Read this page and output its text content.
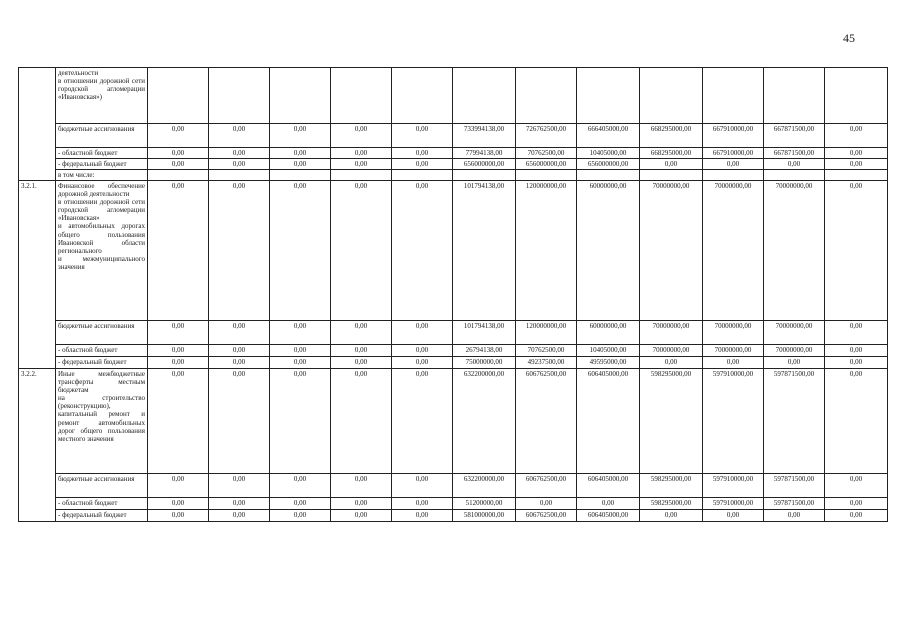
45
	деятельности
в отношении дорожной сети городской агломерации «Ивановская»)												
	бюджетные ассигнования	0,00	0,00	0,00	0,00	0,00	733994138,00	726762500,00	666405000,00	668295000,00	667910000,00	667871500,00	0,00
	- областной бюджет	0,00	0,00	0,00	0,00	0,00	77994138,00	70762500,00	10405000,00	668295000,00	667910000,00	667871500,00	0,00
	- федеральный бюджет	0,00	0,00	0,00	0,00	0,00	656000000,00	656000000,00	656000000,00	0,00	0,00	0,00	0,00
	в том числе:												
3.2.1.	Финансовое обеспечение дорожной деятельности
в отношении дорожной сети городской агломерации «Ивановская»
и автомобильных дорогах общего пользования Ивановской области регионального
и межмуниципального значения	0,00	0,00	0,00	0,00	0,00	101794138,00	120000000,00	60000000,00	70000000,00	70000000,00	70000000,00	0,00
	бюджетные ассигнования	0,00	0,00	0,00	0,00	0,00	101794138,00	120000000,00	60000000,00	70000000,00	70000000,00	70000000,00	0,00
	- областной бюджет	0,00	0,00	0,00	0,00	0,00	26794138,00	70762500,00	10405000,00	70000000,00	70000000,00	70000000,00	0,00
	- федеральный бюджет	0,00	0,00	0,00	0,00	0,00	75000000,00	49237500,00	49595000,00	0,00	0,00	0,00	0,00
3.2.2.	Иные межбюджетные трансферты местным бюджетам
на строительство (реконструкцию), капитальный ремонт и ремонт автомобильных дорог общего пользования местного значения	0,00	0,00	0,00	0,00	0,00	632200000,00	606762500,00	606405000,00	598295000,00	597910000,00	597871500,00	0,00
	бюджетные ассигнования	0,00	0,00	0,00	0,00	0,00	632200000,00	606762500,00	606405000,00	598295000,00	597910000,00	597871500,00	0,00
	- областной бюджет	0,00	0,00	0,00	0,00	0,00	51200000,00	0,00	0,00	598295000,00	597910000,00	597871500,00	0,00
	- федеральный бюджет	0,00	0,00	0,00	0,00	0,00	581000000,00	606762500,00	606405000,00	0,00	0,00	0,00	0,00
